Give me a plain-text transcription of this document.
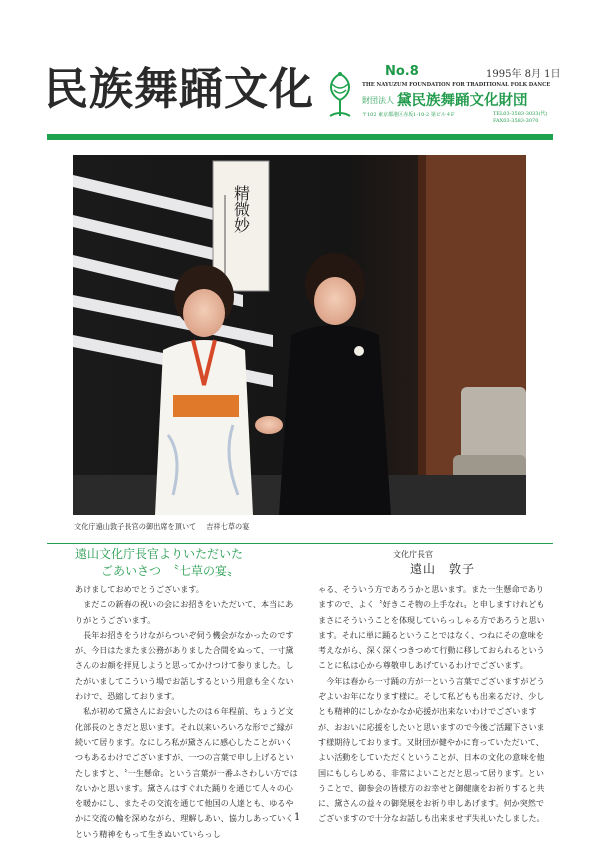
民族舞踊文化	No.8	1995年 8月 1日
THE NAYUZUM FOUNDATION FOR TRADITIONAL FOLK DANCE
財団法人 黛民族舞踊文化財団
〒102 東京都港区赤坂1-10-2 第ビル４F	TEL03-3583-3033(代)
FAX03-3583-3070
精微妙
文化庁遠山敦子長官の御出席を頂いて 吉祥七草の宴
遠山文化庁長官よりいただいた
ごあいさつ　〝七草の宴〟
文化庁長官
遠山　敦子

あけましておめでとうございます。

　まだこの新春の祝いの会にお招きをいただいて、本当にありがとうございます。

　長年お招きをうけながらついぞ伺う機会がなかったのですが、今日はたまたま公務がありました合間をぬって、一寸黛さんのお顔を拝見しようと思ってかけつけて参りました。したがいましてこういう場でお話しするという用意も全くないわけで、恐縮しております。

　私が初めて黛さんにお会いしたのは６年程前、ちょうど文化部長のときだと思います。それ以来いろいろな形でご縁が続いて居ります。なにしろ私が黛さんに感心したことがいくつもあるわけでございますが、一つの言葉で申し上げるといたしますと、〝一生懸命〟という言葉が一番ふさわしい方ではないかと思います。黛さんはすぐれた踊りを通じて人々の心を暖かにし、またその交流を通じて他国の人達とも、ゆるやかに交流の輪を深めながら、理解しあい、協力しあっていくという精神をもって生きぬいていらっし

ゃる、そういう方であろうかと思います。また一生懸命でありますので、よく〝好きこそ物の上手なれ〟と申しますけれどもまさにそういうことを体現していらっしゃる方であろうと思います。それに単に踊るということではなく、つねにその意味を考えながら、深く深くつきつめて行動に移しておられるということに私は心から尊敬申しあげているわけでございます。

　今年は春から一寸踊の方が一という言葉でございますがどうぞよいお年になります様に。そして私どもも出来るだけ、少しとも精神的にしかなかなか応援が出来ないわけでございますが、おおいに応援をしたいと思いますので今後ご活躍下さいます様期待しております。又財団が健やかに育っていただいて、よい活動をしていただくということが、日本の文化の意味を他国にもしらしめる、非常によいことだと思って居ります。ということで、御参会の皆様方のお幸せと御健康をお祈りすると共に、黛さんの益々の御発展をお祈り申しあげます。何か突然でございますので十分なお話しも出来ませず失礼いたしました。

1
